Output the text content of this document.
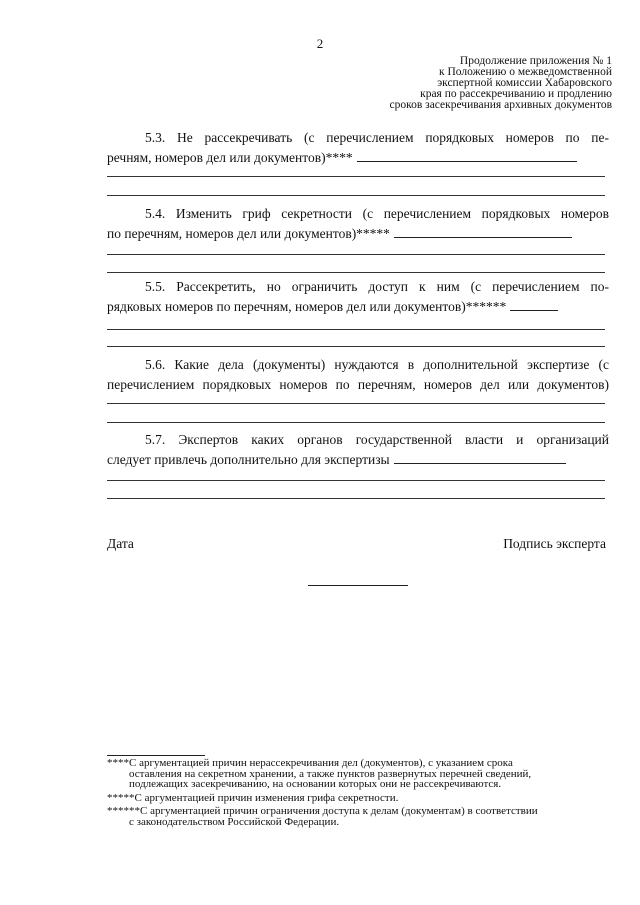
2
Продолжение приложения № 1
к Положению о межведомственной
экспертной комиссии Хабаровского
края по рассекречиванию и продлению
сроков засекречивания архивных документов
5.3. Не рассекречивать (с перечислением порядковых номеров по пе-
речням, номеров дел или документов)****
5.4. Изменить гриф секретности (с перечислением порядковых номеров
по перечням, номеров дел или документов)*****
5.5. Рассекретить, но ограничить доступ к ним (с перечислением по-
рядковых номеров по перечням, номеров дел или документов)******
5.6. Какие дела (документы) нуждаются в дополнительной экспертизе (с
перечислением порядковых номеров по перечням, номеров дел или документов)
5.7. Экспертов каких органов государственной власти и организаций
следует привлечь дополнительно для экспертизы
Дата	Подпись эксперта
****С аргументацией причин нерассекречивания дел (документов), с указанием срока
оставления на секретном хранении, а также пунктов развернутых перечней сведений,
подлежащих засекречиванию, на основании которых они не рассекречиваются.
*****С аргументацией причин изменения грифа секретности.
******С аргументацией причин ограничения доступа к делам (документам) в соответствии
с законодательством Российской Федерации.
